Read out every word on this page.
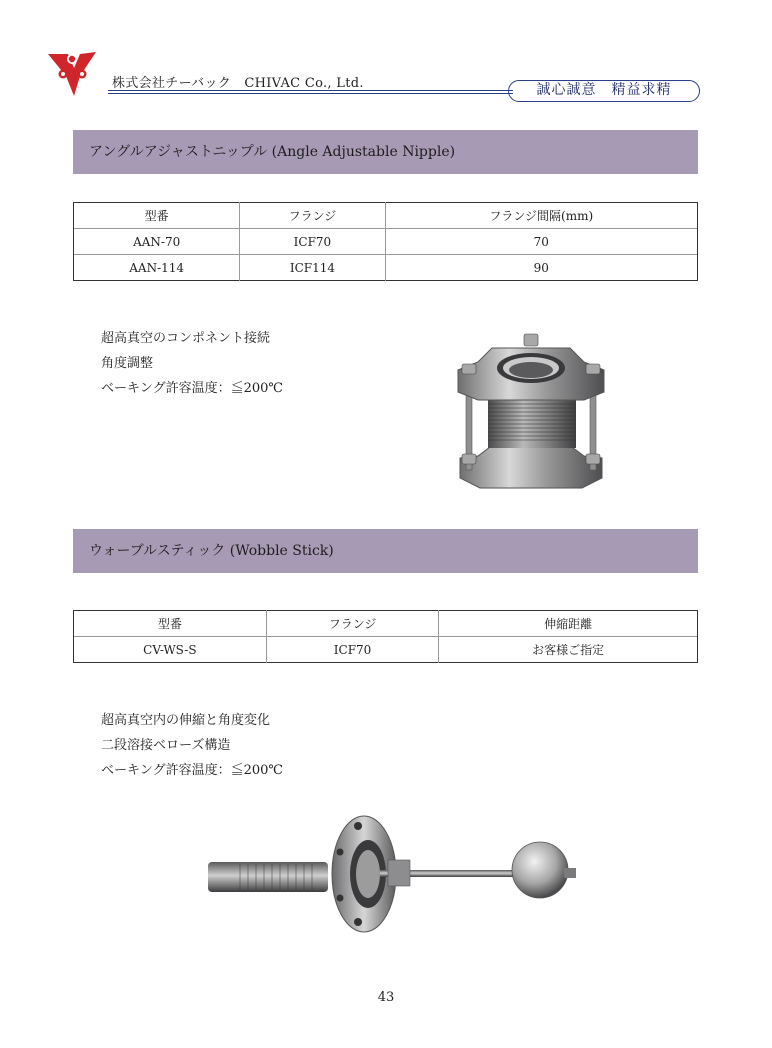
株式会社チーバック　CHIVAC Co., Ltd.	誠心誠意　精益求精
アングルアジャストニップル (Angle Adjustable Nipple)
型番	フランジ	フランジ間隔(mm)
AAN-70	ICF70	70
AAN-114	ICF114	90
超高真空のコンポネント接続
角度調整
ベーキング許容温度：≦200℃
ウォーブルスティック (Wobble Stick)
型番	フランジ	伸縮距離
CV-WS-S	ICF70	お客様ご指定
超高真空内の伸縮と角度変化
二段溶接ベローズ構造
ベーキング許容温度：≦200℃
43
